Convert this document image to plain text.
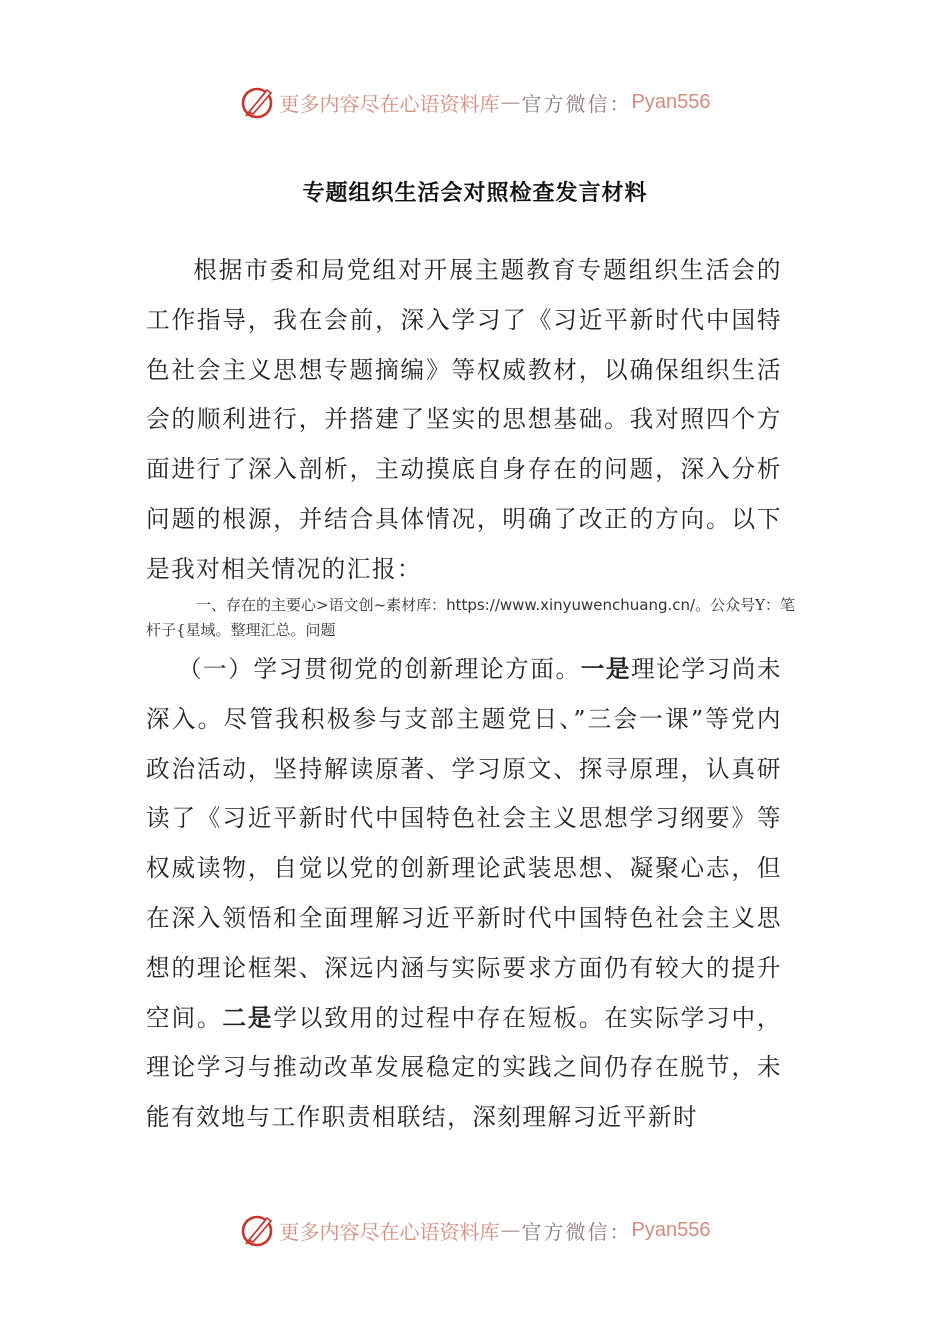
更多内容尽在心语资料库 — 官方微信： Pyan556
专题组织生活会对照检查发言材料

根据市委和局党组对开展主题教育专题组织生活会的工作指导，我在会前，深入学习了《习近平新时代中国特色社会主义思想专题摘编》等权威教材，以确保组织生活会的顺利进行，并搭建了坚实的思想基础。我对照四个方面进行了深入剖析，主动摸底自身存在的问题，深入分析问题的根源，并结合具体情况，明确了改正的方向。以下是我对相关情况的汇报：

一、存在的主要心>语文创~素材库：https://www.xinyuwenchuang.cn/。公众号Y：笔杆子{星域。整理汇总。问题

（一）学习贯彻党的创新理论方面。一是理论学习尚未深入。尽管我积极参与支部主题党日、”三会一课”等党内政治活动，坚持解读原著、学习原文、探寻原理，认真研读了《习近平新时代中国特色社会主义思想学习纲要》等权威读物，自觉以党的创新理论武装思想、凝聚心志，但在深入领悟和全面理解习近平新时代中国特色社会主义思想的理论框架、深远内涵与实际要求方面仍有较大的提升空间。二是学以致用的过程中存在短板。在实际学习中，理论学习与推动改革发展稳定的实践之间仍存在脱节，未能有效地与工作职责相联结，深刻理解习近平新时

更多内容尽在心语资料库 — 官方微信： Pyan556
